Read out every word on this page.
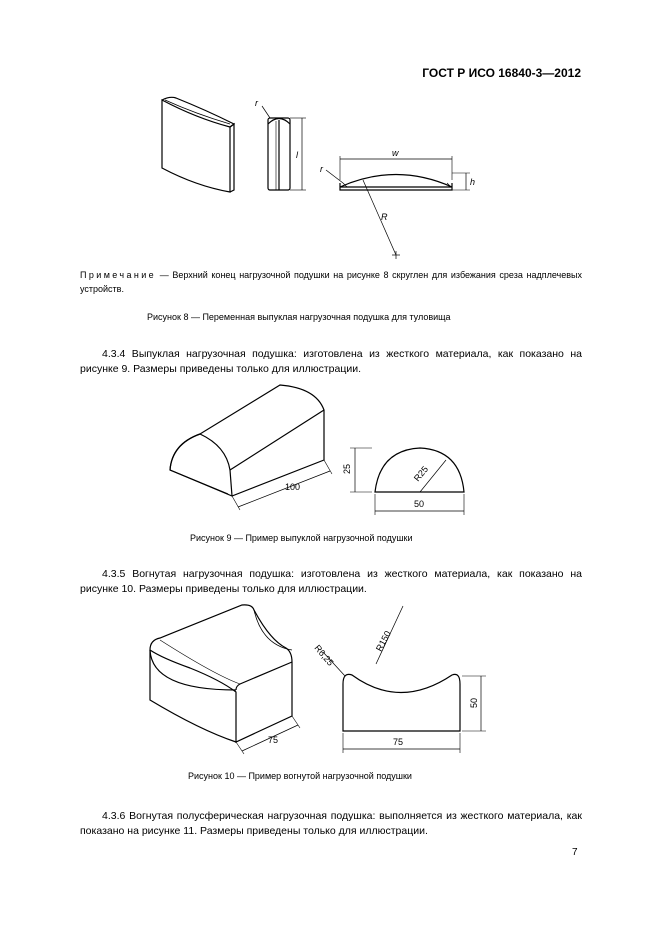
ГОСТ Р ИСО 16840-3—2012
r
l	w
r
h
R
Примечание — Верхний конец нагрузочной подушки на рисунке 8 скруглен для избежания среза надплечевых устройств.
Рисунок 8 — Переменная выпуклая нагрузочная подушка для туловища

4.3.4 Выпуклая нагрузочная подушка: изготовлена из жесткого материала, как показано на рисунке 9. Размеры приведены только для иллюстрации.

100
25	R25
50
Рисунок 9 — Пример выпуклой нагрузочной подушки

4.3.5 Вогнутая нагрузочная подушка: изготовлена из жесткого материала, как показано на рисунке 10. Размеры приведены только для иллюстрации.

R6,25
R150
75
50
75
Рисунок 10 — Пример вогнутой нагрузочной подушки

4.3.6 Вогнутая полусферическая нагрузочная подушка: выполняется из жесткого материала, как показано на рисунке 11. Размеры приведены только для иллюстрации.

7
